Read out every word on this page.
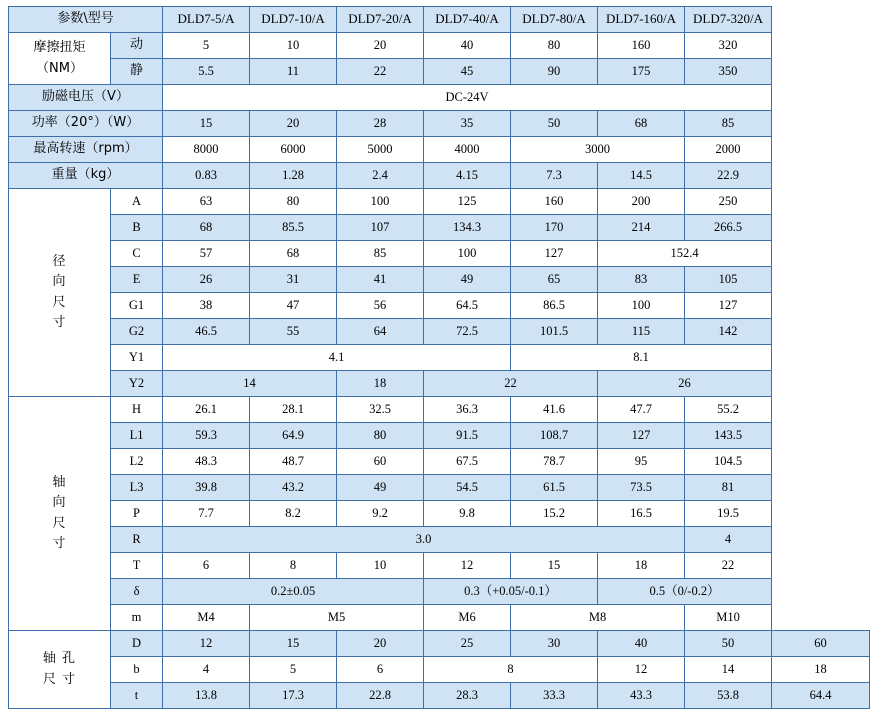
参数\型号		DLD7-5/A	DLD7-10/A	DLD7-20/A	DLD7-40/A	DLD7-80/A	DLD7-160/A	DLD7-320/A	

摩擦扭矩
（NM）	动	5	10	20	40	80	160	320	
	静	5.5	11	22	45	90	175	350	
励磁电压（V）		DC-24V							
功率（20°）（W）		15	20	28	35	50	68	85	
最高转速（rpm）		8000	6000	5000	4000	3000		2000	
重量（kg）		0.83	1.28	2.4	4.15	7.3	14.5	22.9	

径
向
尺
寸	A	63	80	100	125	160	200	250	
	B	68	85.5	107	134.3	170	214	266.5	
	C	57	68	85	100	127	152.4		
	E	26	31	41	49	65	83	105	
	G1	38	47	56	64.5	86.5	100	127	
	G2	46.5	55	64	72.5	101.5	115	142	
	Y1	4.1				8.1			
	Y2	14		18	22		26		

轴
向
尺
寸	H	26.1	28.1	32.5	36.3	41.6	47.7	55.2	
	L1	59.3	64.9	80	91.5	108.7	127	143.5	
	L2	48.3	48.7	60	67.5	78.7	95	104.5	
	L3	39.8	43.2	49	54.5	61.5	73.5	81	
	P	7.7	8.2	9.2	9.8	15.2	16.5	19.5	
	R	3.0						4	
	T	6	8	10	12	15	18	22	
	δ	0.2±0.05			0.3（+0.05/-0.1）		0.5（0/-0.2）		
	m	M4	M5		M6	M8		M10	

轴 孔
尺 寸	D	12	15	20	25	30	40	50	60
	b	4	5	6	8		12	14	18
	t	13.8	17.3	22.8	28.3	33.3	43.3	53.8	64.4
